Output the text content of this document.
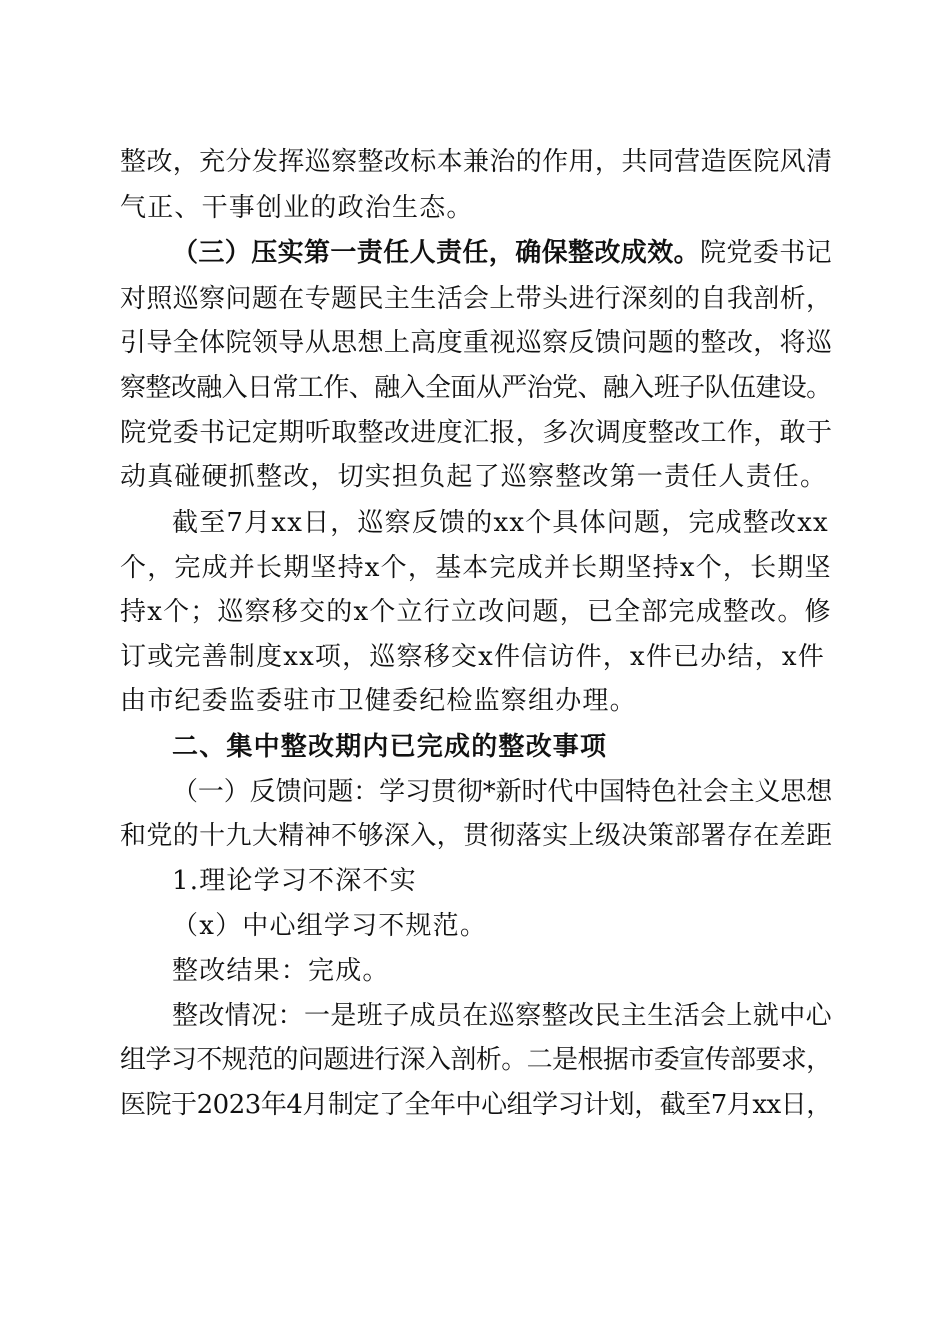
整改，充分发挥巡察整改标本兼治的作用，共同营造医院风清
气正、干事创业的政治生态。
（三）压实第一责任人责任，确保整改成效。院党委书记
对照巡察问题在专题民主生活会上带头进行深刻的自我剖析，
引导全体院领导从思想上高度重视巡察反馈问题的整改，将巡
察整改融入日常工作、融入全面从严治党、融入班子队伍建设。
院党委书记定期听取整改进度汇报，多次调度整改工作，敢于
动真碰硬抓整改，切实担负起了巡察整改第一责任人责任。
截至7月xx日，巡察反馈的xx个具体问题，完成整改xx
个，完成并长期坚持x个，基本完成并长期坚持x个，长期坚
持x个；巡察移交的x个立行立改问题，已全部完成整改。修
订或完善制度xx项，巡察移交x件信访件，x件已办结，x件
由市纪委监委驻市卫健委纪检监察组办理。
二、集中整改期内已完成的整改事项
（一）反馈问题：学习贯彻*新时代中国特色社会主义思想
和党的十九大精神不够深入，贯彻落实上级决策部署存在差距
1.理论学习不深不实
（x）中心组学习不规范。
整改结果：完成。
整改情况：一是班子成员在巡察整改民主生活会上就中心
组学习不规范的问题进行深入剖析。二是根据市委宣传部要求，
医院于2023年4月制定了全年中心组学习计划，截至7月xx日，
